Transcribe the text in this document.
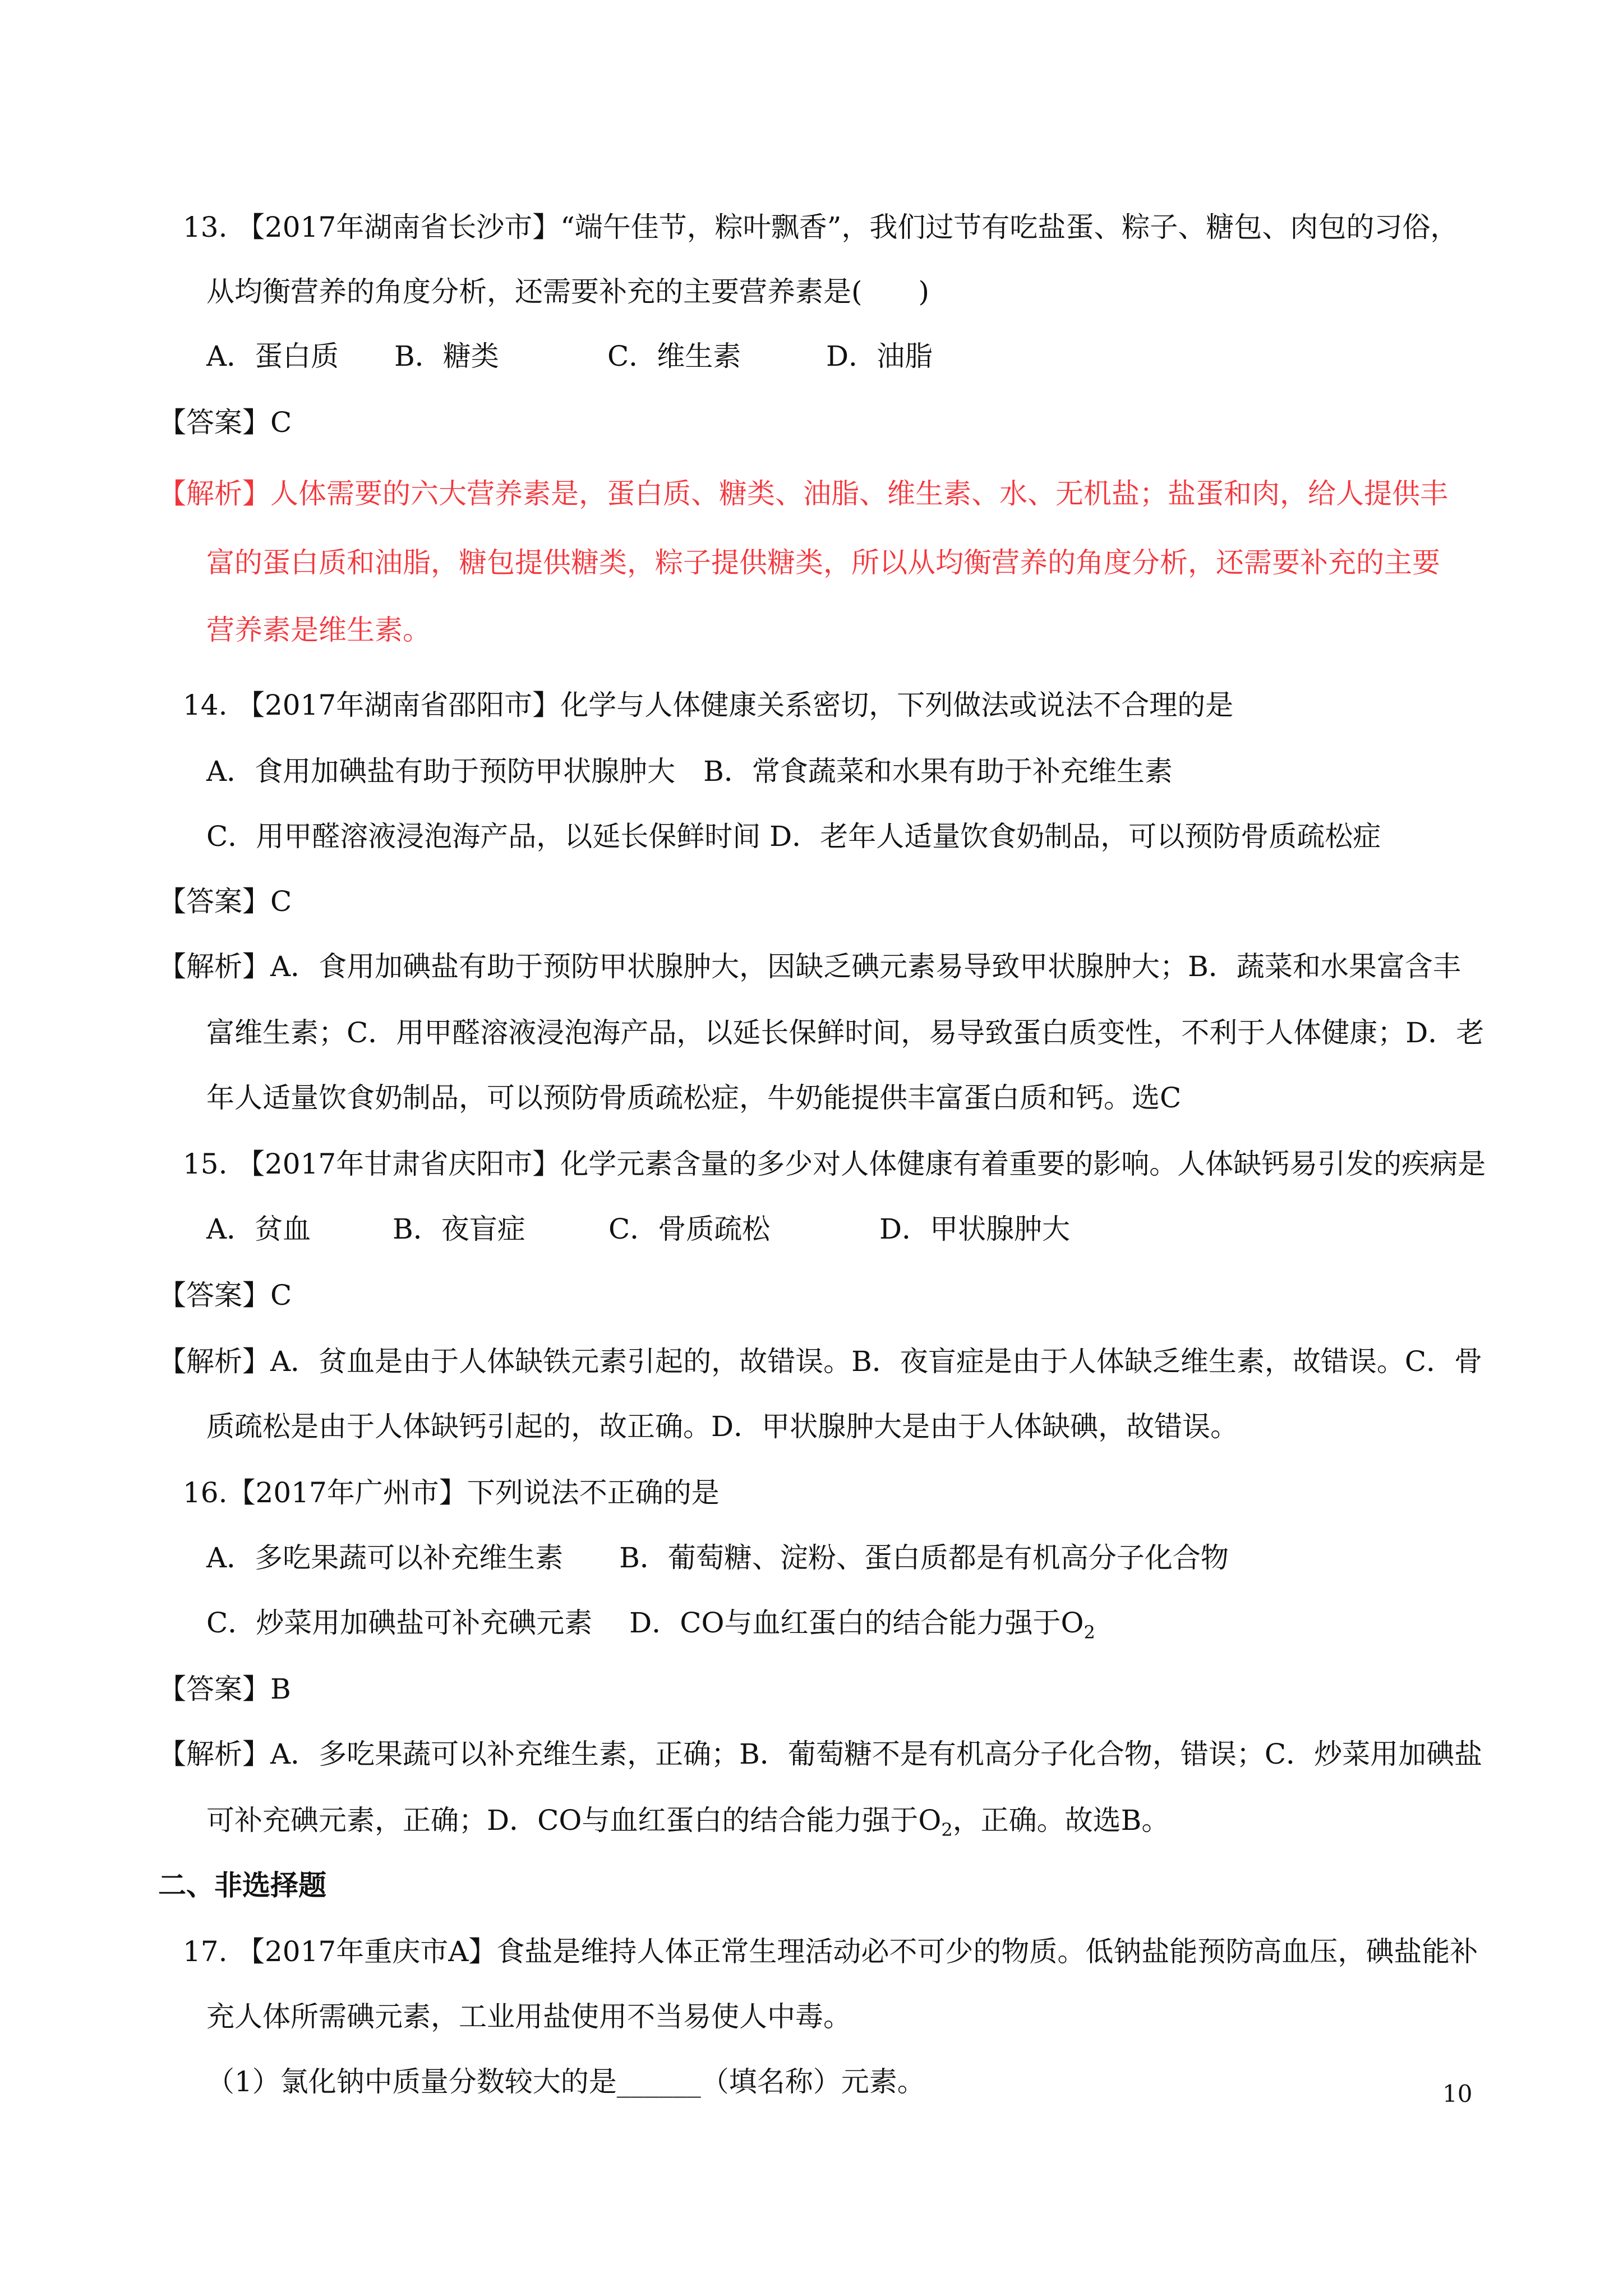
13. 【2017年湖南省长沙市】“端午佳节，粽叶飘香”，我们过节有吃盐蛋、粽子、糖包、肉包的习俗，
从均衡营养的角度分析，还需要补充的主要营养素是(　　)
A．蛋白质 B．糖类	C．维生素	D．油脂
【答案】C
【解析】人体需要的六大营养素是，蛋白质、糖类、油脂、维生素、水、无机盐；盐蛋和肉，给人提供丰
富的蛋白质和油脂，糖包提供糖类，粽子提供糖类，所以从均衡营养的角度分析，还需要补充的主要
营养素是维生素。
14. 【2017年湖南省邵阳市】化学与人体健康关系密切，下列做法或说法不合理的是
A．食用加碘盐有助于预防甲状腺肿大　B．常食蔬菜和水果有助于补充维生素
C．用甲醛溶液浸泡海产品，以延长保鲜时间 D．老年人适量饮食奶制品，可以预防骨质疏松症
【答案】C
【解析】A．食用加碘盐有助于预防甲状腺肿大，因缺乏碘元素易导致甲状腺肿大；B．蔬菜和水果富含丰
富维生素；C．用甲醛溶液浸泡海产品，以延长保鲜时间，易导致蛋白质变性，不利于人体健康；D．老
年人适量饮食奶制品，可以预防骨质疏松症，牛奶能提供丰富蛋白质和钙。选C
15. 【2017年甘肃省庆阳市】化学元素含量的多少对人体健康有着重要的影响。人体缺钙易引发的疾病是
A．贫血	B．夜盲症	C．骨质疏松	D．甲状腺肿大
【答案】C
【解析】A．贫血是由于人体缺铁元素引起的，故错误。B．夜盲症是由于人体缺乏维生素，故错误。C．骨
质疏松是由于人体缺钙引起的，故正确。D．甲状腺肿大是由于人体缺碘，故错误。
16.【2017年广州市】下列说法不正确的是
A．多吃果蔬可以补充维生素　　B．葡萄糖、淀粉、蛋白质都是有机高分子化合物
C．炒菜用加碘盐可补充碘元素　 D．CO与血红蛋白的结合能力强于$O_2$
【答案】B
【解析】A．多吃果蔬可以补充维生素，正确；B．葡萄糖不是有机高分子化合物，错误；C．炒菜用加碘盐
可补充碘元素，正确；D．CO与血红蛋白的结合能力强于$O_2$，正确。故选B。
二、非选择题
17. 【2017年重庆市A】食盐是维持人体正常生理活动必不可少的物质。低钠盐能预防高血压，碘盐能补
充人体所需碘元素，工业用盐使用不当易使人中毒。
（1）氯化钠中质量分数较大的是______（填名称）元素。	10
